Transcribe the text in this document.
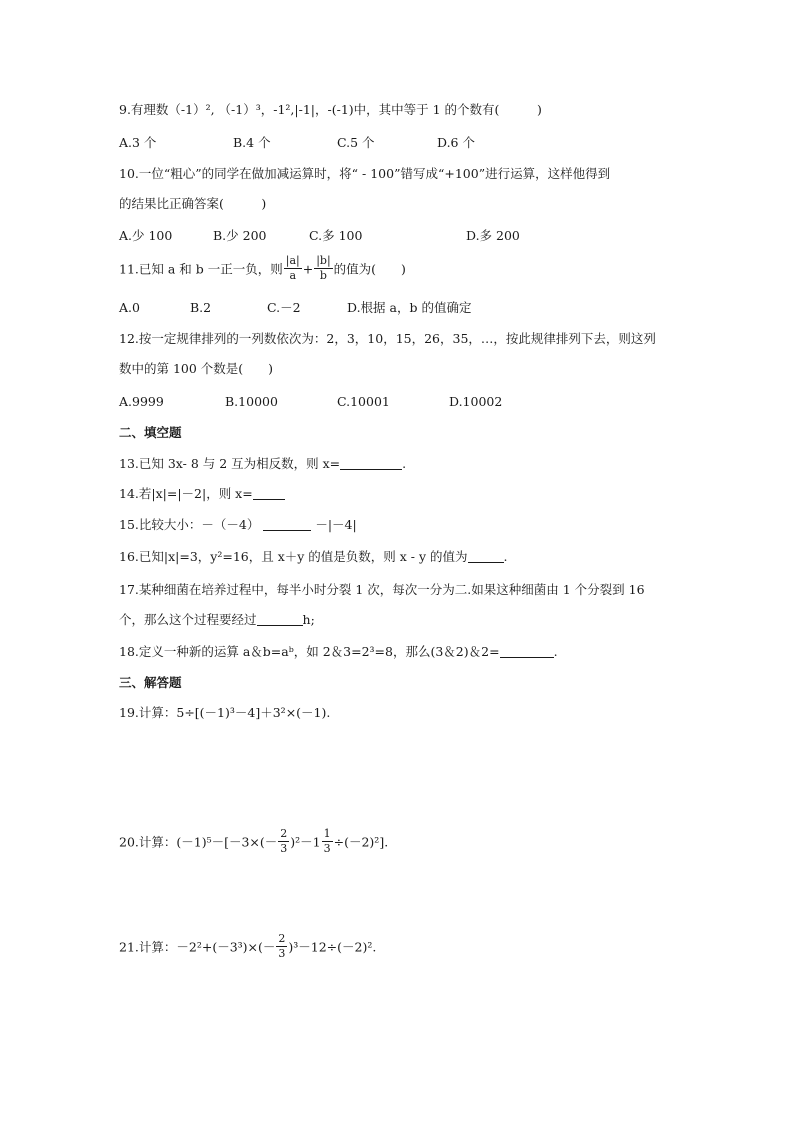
9.有理数（-1）², （-1）³，-1²,|-1|，-(-1)中，其中等于 1 的个数有(　　　)
A.3 个	B.4 个	C.5 个	D.6 个
10.一位“粗心”的同学在做加减运算时，将“ - 100”错写成“+100”进行运算，这样他得到
的结果比正确答案(　　　)
A.少 100	B.少 200	C.多 100	D.多 200
11.已知 a 和 b 一正一负，则 $\frac{|a|}{a} + \frac{|b|}{b}$ 的值为(　　)
A.0	B.2	C.－2	D.根据 a，b 的值确定
12.按一定规律排列的一列数依次为：2，3，10，15，26，35，…，按此规律排列下去，则这列
数中的第 100 个数是(　　)
A.9999	B.10000	C.10001	D.10002
二、填空题
13.已知 3x- 8 与 2 互为相反数，则 x=	.
14.若|x|=|－2|，则 x=
15.比较大小：－（－4）	－|－4|
16.已知|x|=3，y²=16，且 x＋y 的值是负数，则 x - y 的值为	.
17.某种细菌在培养过程中，每半小时分裂 1 次，每次一分为二.如果这种细菌由 1 个分裂到 16
个，那么这个过程要经过	h;
18.定义一种新的运算 a＆b=aᵇ，如 2＆3=2³=8，那么(3＆2)＆2=	.
三、解答题
19.计算：5÷[(－1)³－4]＋3²×(－1).
20.计算：$(-1)^5-[-3\times(- \frac{2}{3} )^2-1 \frac{1}{3} \div(-2)^2]$.
21.计算：$-2^2+(-3^3)\times(- \frac{2}{3} )^3-12\div(-2)^2$.
